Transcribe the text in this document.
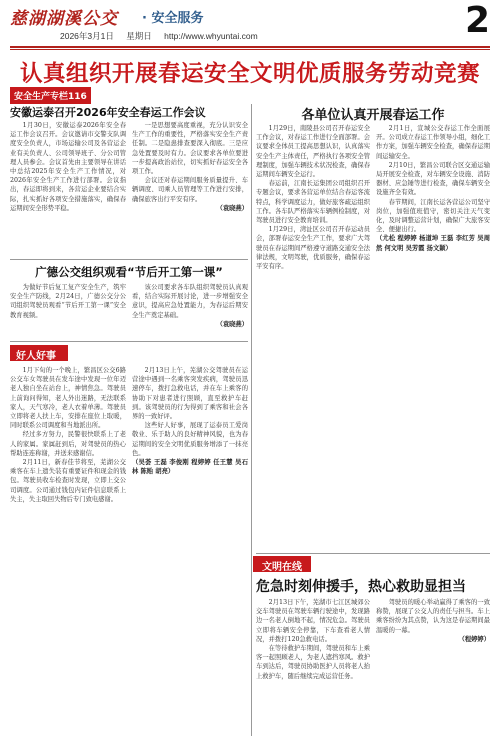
慈湖湖溪公交 · 安全服务	2
2026年3月1日 星期日 http://www.whyuntai.com
认真组织开展春运安全文明优质服务劳动竞赛
安全生产专栏116
安徽运泰召开2026年安全春运工作会议

1月30日，安徽运泰2026年安全春运工作会议召开。会议邀请市交警支队调度安全负责人，市场运输公司及各营运企业有关负责人、公司领导班子、分公司管理人员参会。会议首先由主要领导在讲话中总结2025年安全生产工作情况，对2026年安全生产工作进行部署。会议指出，春运即将到来，各营运企业要结合实际，扎实抓好各项安全措施落实，确保春运期间安全形势平稳。

一是思想要高度重视，充分认识安全生产工作的重要性，严格落实安全生产责任制。二是隐患排查要深入彻底。三是应急处置要及时有力。会议要求各单位要进一步提高政治站位，切实抓好春运安全各项工作。

会议还对春运期间服务质量提升、车辆调度、司乘人员管理等工作进行安排，确保旅客出行平安有序。

（袁晓燕）
广德公交组织观看“节后开工第一课”

为做好节后复工复产安全生产，筑牢安全生产防线，2月24日，广德公交分公司组织驾驶员观看“节后开工第一课”安全教育视频。

该公司要求各车队组织驾驶员认真观看，结合实际开展讨论，进一步增强安全意识，提高应急处置能力，为春运后期安全生产奠定基础。

（袁晓燕）
好人好事

1月下旬的一个晚上，繁昌区公交6路公交车女驾驶员在发车途中发现一位年迈老人独自坐在站台上，神情焦急。驾驶员上前询问得知，老人外出迷路，无法联系家人，天气寒冷，老人衣着单薄。驾驶员立即将老人扶上车，安排在座位上取暖，同时联系公司调度和当地派出所。

经过多方努力，民警很快联系上了老人的家属。家属赶到后，对驾驶员的热心帮助连连称谢，并送来感谢信。

2月11日，新春佳节将至，芜湖公交乘客在车上遗失装有重要证件和现金的钱包。驾驶员收车检查时发现，立即上交公司调度。公司通过钱包内证件信息联系上失主，失主取回失物后专门致电感谢。

2月13日上午，芜湖公交驾驶员在运营途中遇到一名乘客突发疾病，驾驶员迅速停车，拨打急救电话，并在车上乘客的协助下对患者进行照顾，直至救护车赶到。该驾驶员的行为得到了乘客和社会各界的一致好评。

这些好人好事，展现了运泰员工爱岗敬业、乐于助人的良好精神风貌，也为春运期间的安全文明优质服务增添了一抹亮色。

（吴荟 王磊 李俊刚 程婷婷 任王慧 吴石林 陈贻 胡亮）
各单位认真开展春运工作

1月29日，南陵县公司召开春运安全工作会议，对春运工作进行全面部署。会议要求全体员工提高思想认识，认真落实安全生产主体责任，严格执行各项安全管理制度，加强车辆技术状况检查，确保春运期间车辆安全运行。

春运前，江南长运集团公司组织召开专题会议，要求各营运单位结合春运客流特点，科学调度运力，做好旅客疏运组织工作。各车队严格落实车辆例检制度，对驾驶员进行安全教育培训。

1月29日，湾沚区公司召开春运动员会，部署春运安全生产工作，要求广大驾驶员在春运期间严格遵守道路交通安全法律法规，文明驾驶，优质服务，确保春运平安有序。

2月1日，宣城公交春运工作全面展开。公司成立春运工作领导小组，细化工作方案，加强车辆安全检查，确保春运期间运输安全。

2月10日，繁昌公司联合区交通运输局开展安全检查，对车辆安全设施、消防器材、应急锤等进行检查，确保车辆安全设施齐全有效。

春节期间，江南长运各营运公司坚守岗位，加强值班值守，密切关注天气变化，及时调整运营计划，确保广大旅客安全、便捷出行。

（尤松 程婷婷 杨道坤 王磊 李红芳 吴周然 何文明 吴芳霞 扬文颖）
文明在线
危急时刻伸援手，热心救助显担当

2月13日下午，芜湖市七江区城郊公交车驾驶员在驾驶车辆行驶途中，发现路边一名老人倒地不起，情况危急。驾驶员立即将车辆安全停靠，下车查看老人情况，并拨打120急救电话。

在等待救护车期间，驾驶员和车上乘客一起照顾老人，为老人遮挡寒风。救护车到达后，驾驶员协助医护人员将老人抬上救护车，随后继续完成运营任务。

驾驶员的暖心举动赢得了乘客的一致称赞，展现了公交人的责任与担当。车上乘客纷纷为其点赞，认为这是春运期间最温暖的一幕。

（程婷婷）
